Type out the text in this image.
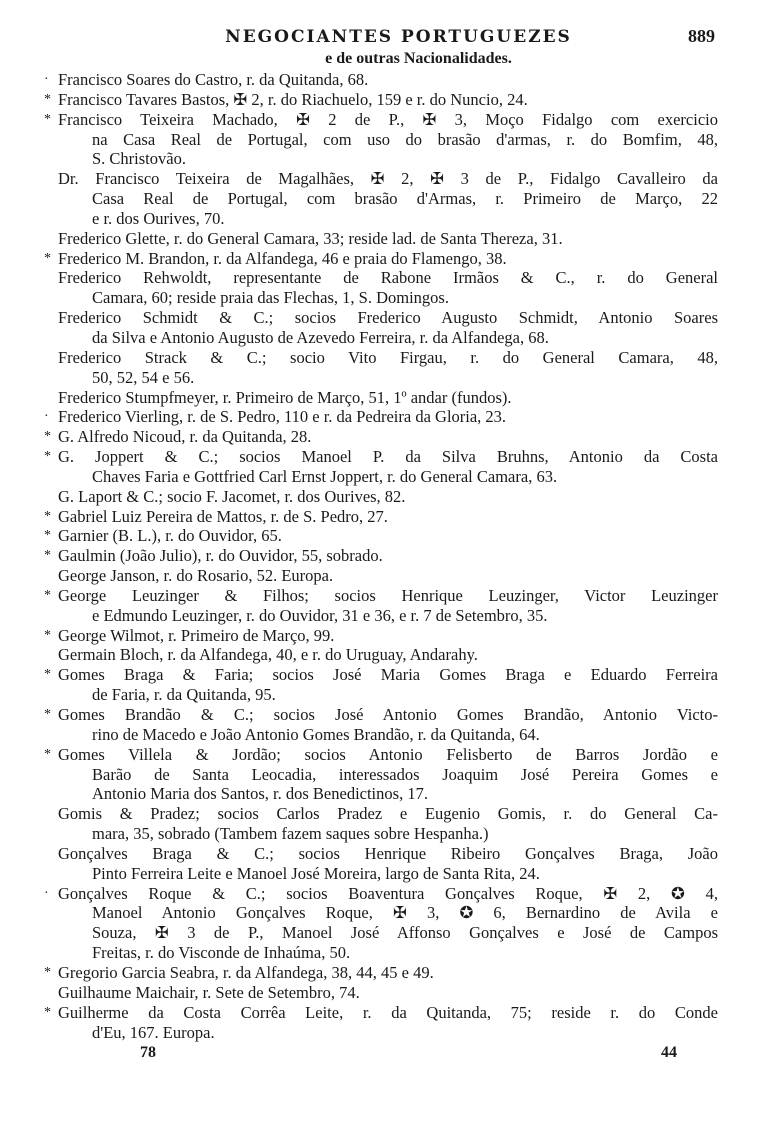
NEGOCIANTES PORTUGUEZES
e de outras Nacionalidades.
889
· Francisco Soares do Castro, r. da Quitanda, 68.
* Francisco Tavares Bastos, ✠ 2, r. do Riachuelo, 159 e r. do Nuncio, 24.
* Francisco Teixeira Machado, ✠ 2 de P., ✠ 3, Moço Fidalgo com exercicio
na Casa Real de Portugal, com uso do brasão d'armas, r. do Bomfim, 48,
S. Christovão.
Dr. Francisco Teixeira de Magalhães, ✠ 2, ✠ 3 de P., Fidalgo Cavalleiro da
Casa Real de Portugal, com brasão d'Armas, r. Primeiro de Março, 22
e r. dos Ourives, 70.
Frederico Glette, r. do General Camara, 33; reside lad. de Santa Thereza, 31.
* Frederico M. Brandon, r. da Alfandega, 46 e praia do Flamengo, 38.
Frederico Rehwoldt, representante de Rabone Irmãos & C., r. do General
Camara, 60; reside praia das Flechas, 1, S. Domingos.
Frederico Schmidt & C.; socios Frederico Augusto Schmidt, Antonio Soares
da Silva e Antonio Augusto de Azevedo Ferreira, r. da Alfandega, 68.
Frederico Strack & C.; socio Vito Firgau, r. do General Camara, 48,
50, 52, 54 e 56.
Frederico Stumpfmeyer, r. Primeiro de Março, 51, 1º andar (fundos).
· Frederico Vierling, r. de S. Pedro, 110 e r. da Pedreira da Gloria, 23.
* G. Alfredo Nicoud, r. da Quitanda, 28.
* G. Joppert & C.; socios Manoel P. da Silva Bruhns, Antonio da Costa
Chaves Faria e Gottfried Carl Ernst Joppert, r. do General Camara, 63.
G. Laport & C.; socio F. Jacomet, r. dos Ourives, 82.
* Gabriel Luiz Pereira de Mattos, r. de S. Pedro, 27.
* Garnier (B. L.), r. do Ouvidor, 65.
* Gaulmin (João Julio), r. do Ouvidor, 55, sobrado.
George Janson, r. do Rosario, 52. Europa.
* George Leuzinger & Filhos; socios Henrique Leuzinger, Victor Leuzinger
e Edmundo Leuzinger, r. do Ouvidor, 31 e 36, e r. 7 de Setembro, 35.
* George Wilmot, r. Primeiro de Março, 99.
Germain Bloch, r. da Alfandega, 40, e r. do Uruguay, Andarahy.
* Gomes Braga & Faria; socios José Maria Gomes Braga e Eduardo Ferreira
de Faria, r. da Quitanda, 95.
* Gomes Brandão & C.; socios José Antonio Gomes Brandão, Antonio Victo-
rino de Macedo e João Antonio Gomes Brandão, r. da Quitanda, 64.
* Gomes Villela & Jordão; socios Antonio Felisberto de Barros Jordão e
Barão de Santa Leocadia, interessados Joaquim José Pereira Gomes e
Antonio Maria dos Santos, r. dos Benedictinos, 17.
Gomis & Pradez; socios Carlos Pradez e Eugenio Gomis, r. do General Ca-
mara, 35, sobrado (Tambem fazem saques sobre Hespanha.)
Gonçalves Braga & C.; socios Henrique Ribeiro Gonçalves Braga, João
Pinto Ferreira Leite e Manoel José Moreira, largo de Santa Rita, 24.
· Gonçalves Roque & C.; socios Boaventura Gonçalves Roque, ✠ 2, ✪ 4,
Manoel Antonio Gonçalves Roque, ✠ 3, ✪ 6, Bernardino de Avila e
Souza, ✠ 3 de P., Manoel José Affonso Gonçalves e José de Campos
Freitas, r. do Visconde de Inhaúma, 50.
* Gregorio Garcia Seabra, r. da Alfandega, 38, 44, 45 e 49.
Guilhaume Maichair, r. Sete de Setembro, 74.
* Guilherme da Costa Corrêa Leite, r. da Quitanda, 75; reside r. do Conde
d'Eu, 167. Europa.
78	44
